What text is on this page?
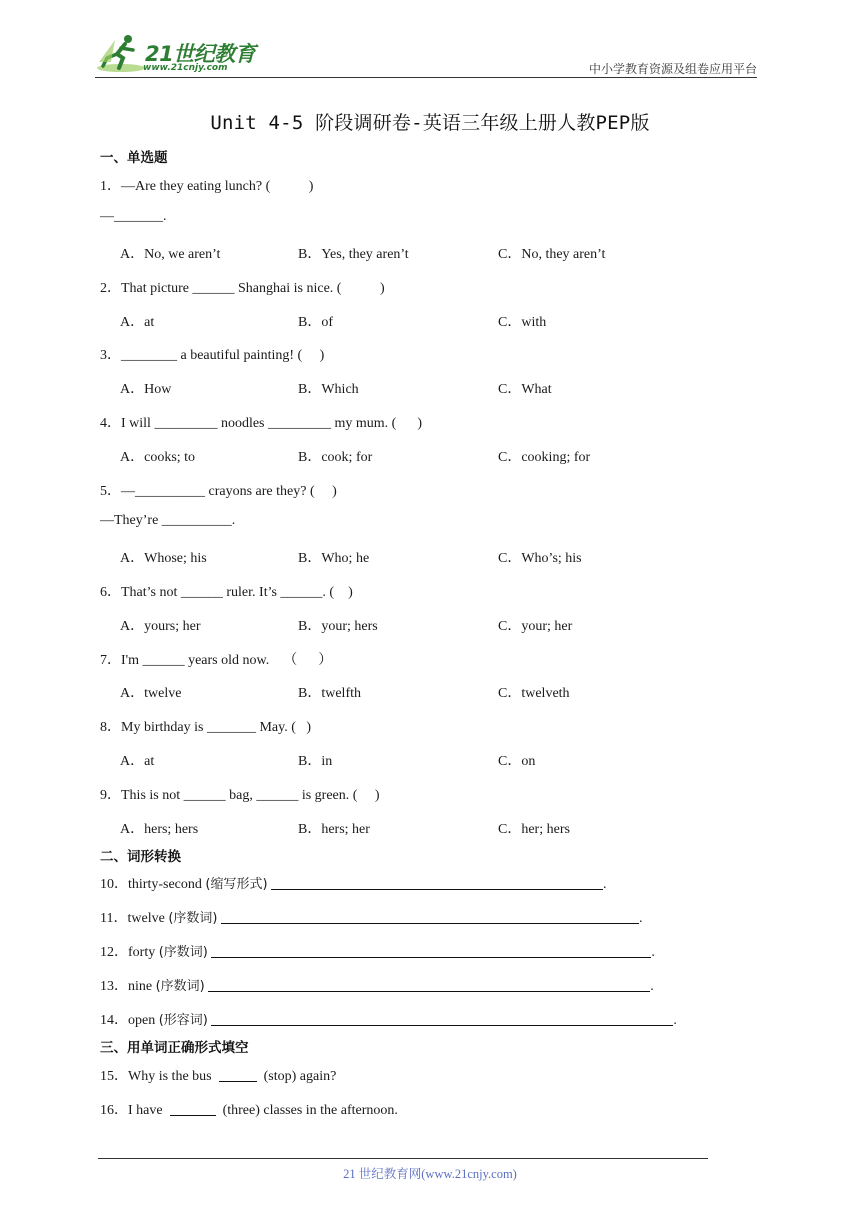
21世纪教育
www.21cnjy.com	中小学教育资源及组卷应用平台
Unit 4-5 阶段调研卷-英语三年级上册人教PEP版
一、单选题
1．—Are they eating lunch? (           )
—_______.
A．No, we aren’t	B．Yes, they aren’t	C．No, they aren’t
2．That picture ______ Shanghai is nice. (           )
A．at	B．of	C．with
3．________ a beautiful painting! (     )
A．How	B．Which	C．What
4．I will _________ noodles _________ my mum. (      )
A．cooks; to	B．cook; for	C．cooking; for
5．—__________ crayons are they? (     )
—They’re __________.
A．Whose; his	B．Who; he	C．Who’s; his
6．That’s not ______ ruler. It’s ______. (    )
A．yours; her	B．your; hers	C．your; her
7．I'm ______ years old now.    （      ）
A．twelve	B．twelfth	C．twelveth
8．My birthday is _______ May. (   )
A．at	B．in	C．on
9．This is not ______ bag, ______ is green. (     )
A．hers; hers	B．hers; her	C．her; hers
二、词形转换
10．thirty-second (缩写形式)	.
11．twelve (序数词)	.
12．forty (序数词)	.
13．nine (序数词)	.
14．open (形容词)	.
三、用单词正确形式填空
15．Why is the bus	(stop) again?
16．I have	(three) classes in the afternoon.
21 世纪教育网(www.21cnjy.com)
